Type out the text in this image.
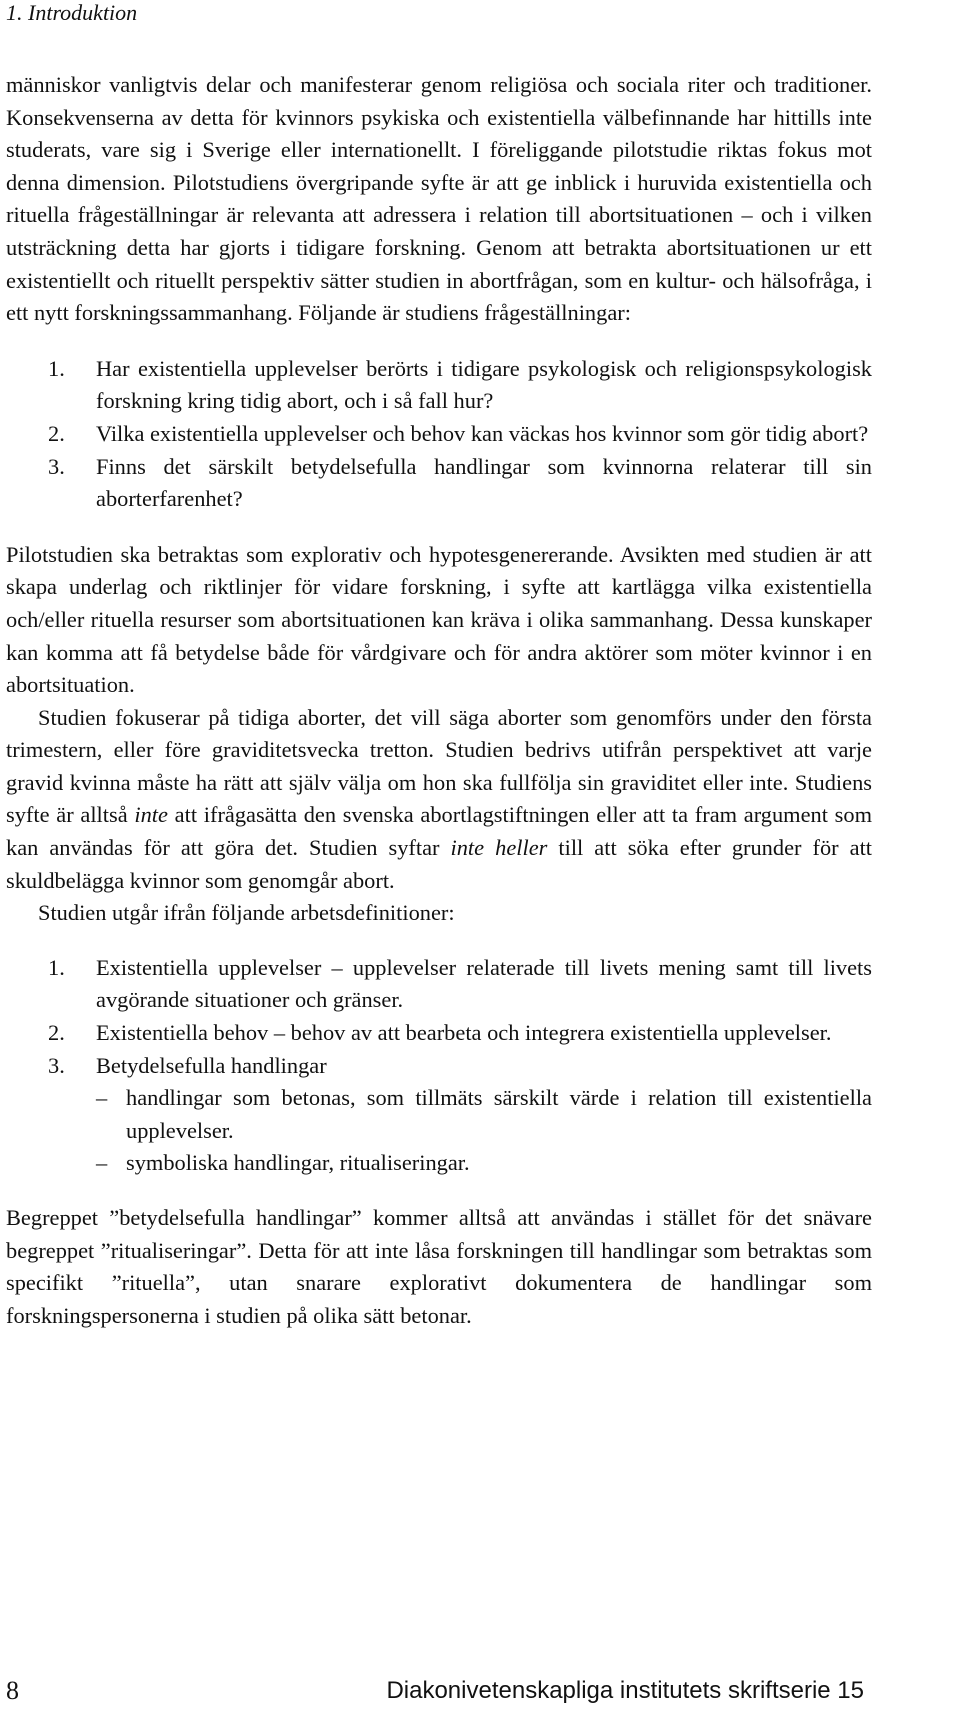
1. Introduktion

människor vanligtvis delar och manifesterar genom religiösa och sociala riter och traditioner. Konsekvenserna av detta för kvinnors psykiska och existentiella välbefinnande har hittills inte studerats, vare sig i Sverige eller internationellt. I föreliggande pilotstudie riktas fokus mot denna dimension. Pilotstudiens övergripande syfte är att ge inblick i huruvida existentiella och rituella frågeställningar är relevanta att adressera i relation till abortsituationen – och i vilken utsträckning detta har gjorts i tidigare forskning. Genom att betrakta abortsituationen ur ett existentiellt och rituellt perspektiv sätter studien in abortfrågan, som en kultur- och hälsofråga, i ett nytt forskningssammanhang. Följande är studiens frågeställningar:

1.	Har existentiella upplevelser berörts i tidigare psykologisk och religionspsykologisk forskning kring tidig abort, och i så fall hur?
2.	Vilka existentiella upplevelser och behov kan väckas hos kvinnor som gör tidig abort?
3.	Finns det särskilt betydelsefulla handlingar som kvinnorna relaterar till sin aborterfarenhet?

Pilotstudien ska betraktas som explorativ och hypotesgenererande. Avsikten med studien är att skapa underlag och riktlinjer för vidare forskning, i syfte att kartlägga vilka existentiella och/eller rituella resurser som abortsituationen kan kräva i olika sammanhang. Dessa kunskaper kan komma att få betydelse både för vårdgivare och för andra aktörer som möter kvinnor i en abortsituation.

Studien fokuserar på tidiga aborter, det vill säga aborter som genomförs under den första trimestern, eller före graviditetsvecka tretton. Studien bedrivs utifrån perspektivet att varje gravid kvinna måste ha rätt att själv välja om hon ska fullfölja sin graviditet eller inte. Studiens syfte är alltså inte att ifrågasätta den svenska abortlagstiftningen eller att ta fram argument som kan användas för att göra det. Studien syftar inte heller till att söka efter grunder för att skuldbelägga kvinnor som genomgår abort.

Studien utgår ifrån följande arbetsdefinitioner:

1.	Existentiella upplevelser – upplevelser relaterade till livets mening samt till livets avgörande situationer och gränser.
2.	Existentiella behov – behov av att bearbeta och integrera existentiella upplevelser.
3.	Betydelsefulla handlingar
– handlingar som betonas, som tillmäts särskilt värde i relation till existentiella upplevelser.
– symboliska handlingar, ritualiseringar.

Begreppet ”betydelsefulla handlingar” kommer alltså att användas i stället för det snävare begreppet ”ritualiseringar”. Detta för att inte låsa forskningen till handlingar som betraktas som specifikt ”rituella”, utan snarare explorativt dokumentera de handlingar som forskningspersonerna i studien på olika sätt betonar.

8	Diakonivetenskapliga institutets skriftserie 15
